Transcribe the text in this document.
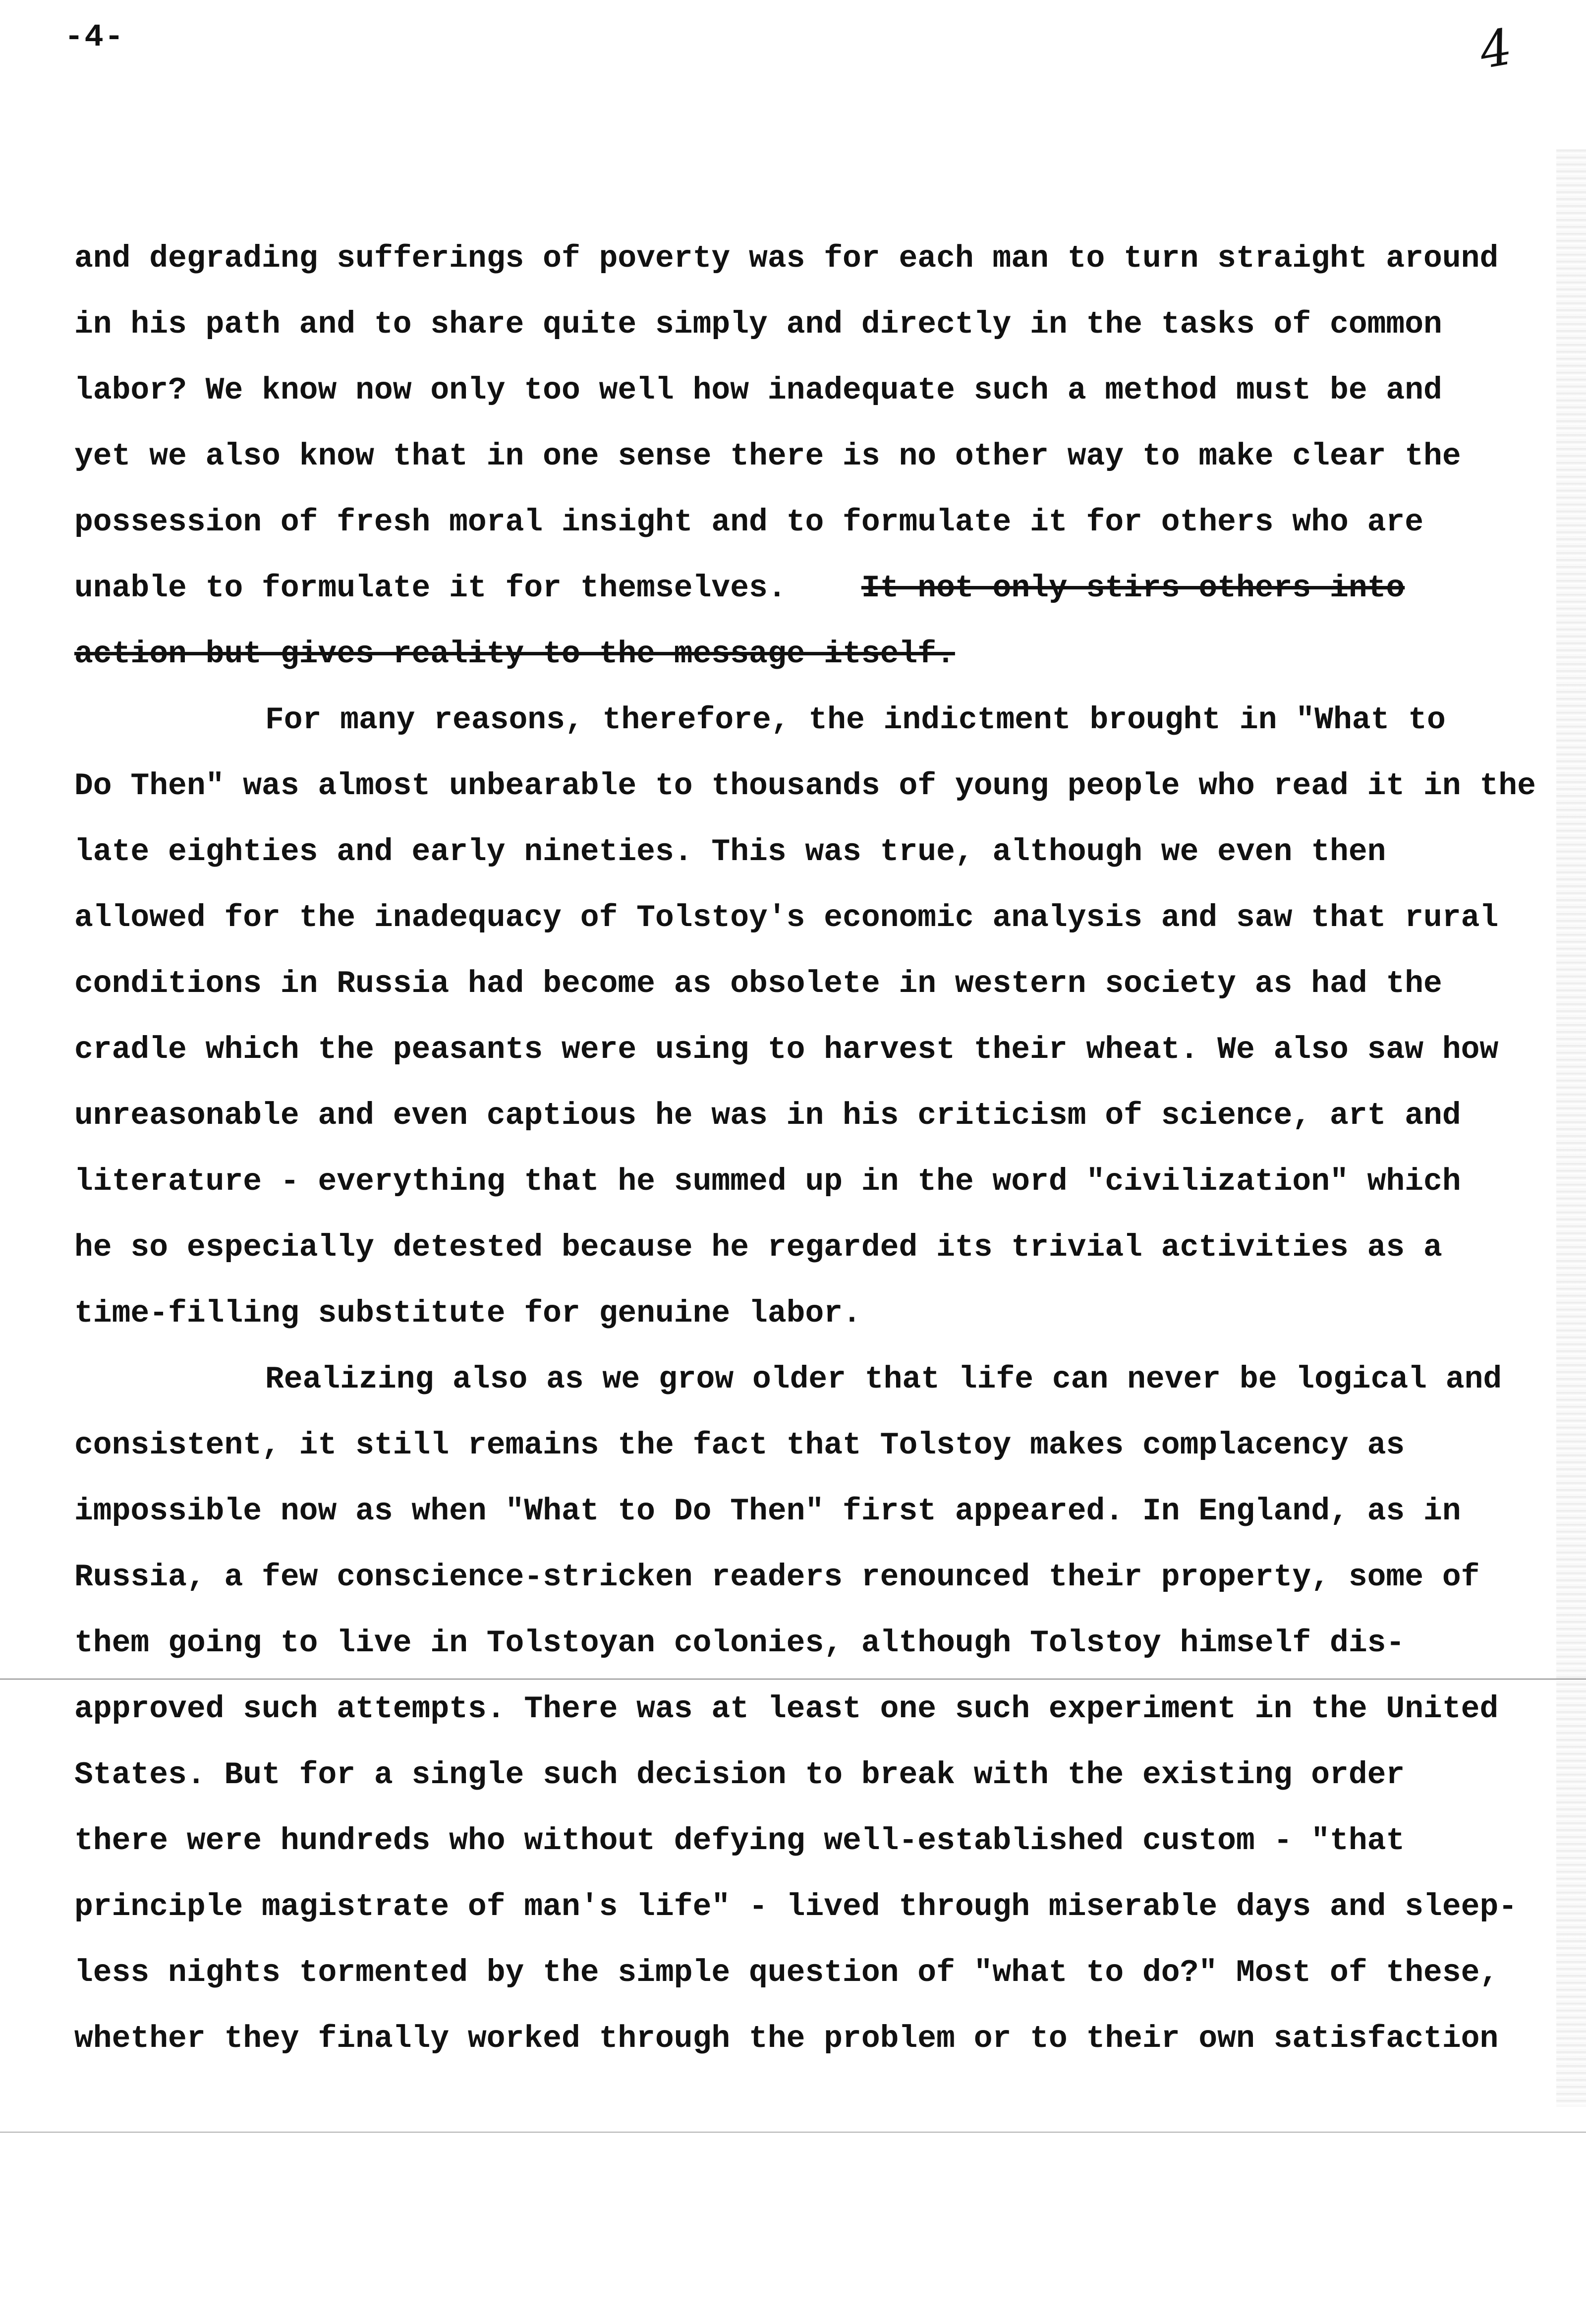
-4-	4
and degrading sufferings of poverty was for each man to turn straight around
in his path and to share quite simply and directly in the tasks of common
labor? We know now only too well how inadequate such a method must be and
yet we also know that in one sense there is no other way to make clear the
possession of fresh moral insight and to formulate it for others who are
unable to formulate it for themselves. It not only stirs others into
action but gives reality to the message itself.
For many reasons, therefore, the indictment brought in "What to
Do Then" was almost unbearable to thousands of young people who read it in the
late eighties and early nineties. This was true, although we even then
allowed for the inadequacy of Tolstoy's economic analysis and saw that rural
conditions in Russia had become as obsolete in western society as had the
cradle which the peasants were using to harvest their wheat. We also saw how
unreasonable and even captious he was in his criticism of science, art and
literature - everything that he summed up in the word "civilization" which
he so especially detested because he regarded its trivial activities as a
time-filling substitute for genuine labor.
Realizing also as we grow older that life can never be logical and
consistent, it still remains the fact that Tolstoy makes complacency as
impossible now as when "What to Do Then" first appeared. In England, as in
Russia, a few conscience-stricken readers renounced their property, some of
them going to live in Tolstoyan colonies, although Tolstoy himself dis-
approved such attempts. There was at least one such experiment in the United
States. But for a single such decision to break with the existing order
there were hundreds who without defying well-established custom - "that
principle magistrate of man's life" - lived through miserable days and sleep-
less nights tormented by the simple question of "what to do?" Most of these,
whether they finally worked through the problem or to their own satisfaction
